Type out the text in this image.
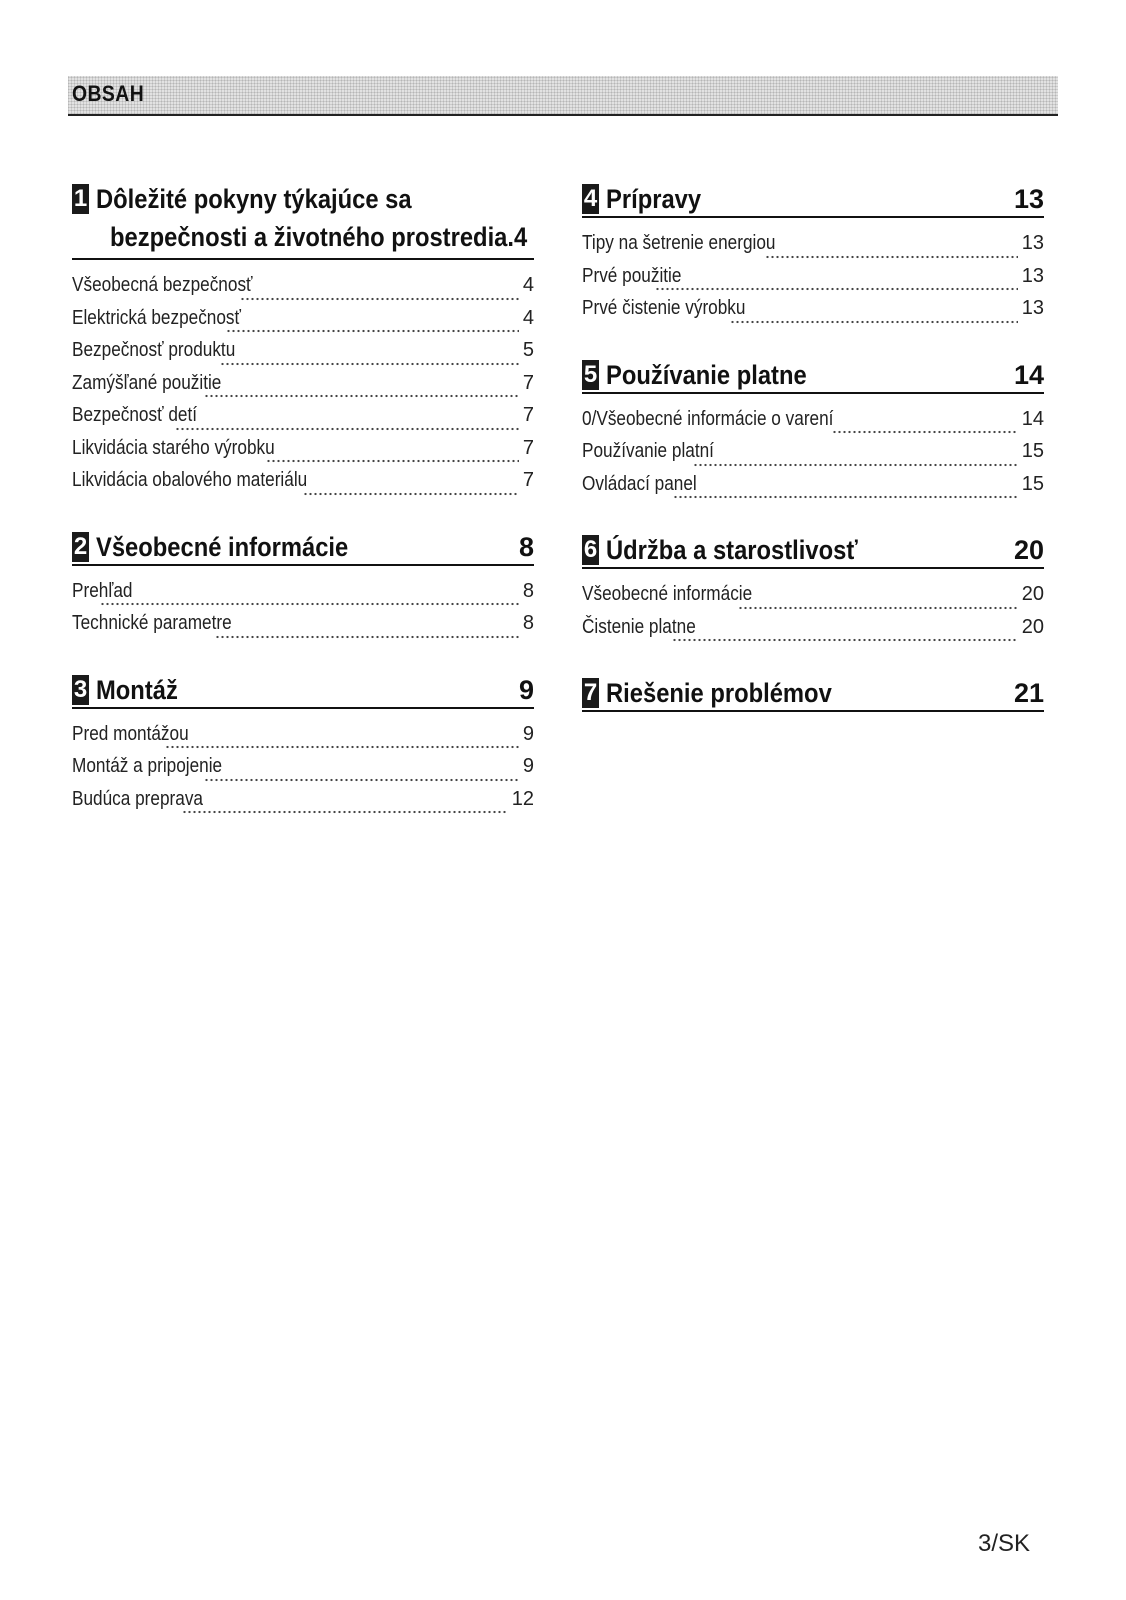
OBSAH
1 Dôležité pokyny týkajúce sa
bezpečnosti a životného prostredia.4
Všeobecná bezpečnosť	4
Elektrická bezpečnosť	4
Bezpečnosť produktu	5
Zamýšľané použitie	7
Bezpečnosť detí	7
Likvidácia starého výrobku	7
Likvidácia obalového materiálu	7
2 Všeobecné informácie	8
Prehľad	8
Technické parametre	8
3 Montáž	9
Pred montážou	9
Montáž a pripojenie	9
Budúca preprava	12
4 Prípravy	13
Tipy na šetrenie energiou	13
Prvé použitie	13
Prvé čistenie výrobku	13
5 Používanie platne	14
0/Všeobecné informácie o varení	14
Používanie platní	15
Ovládací panel	15
6 Údržba a starostlivosť	20
Všeobecné informácie	20
Čistenie platne	20
7 Riešenie problémov	21
3/SK
